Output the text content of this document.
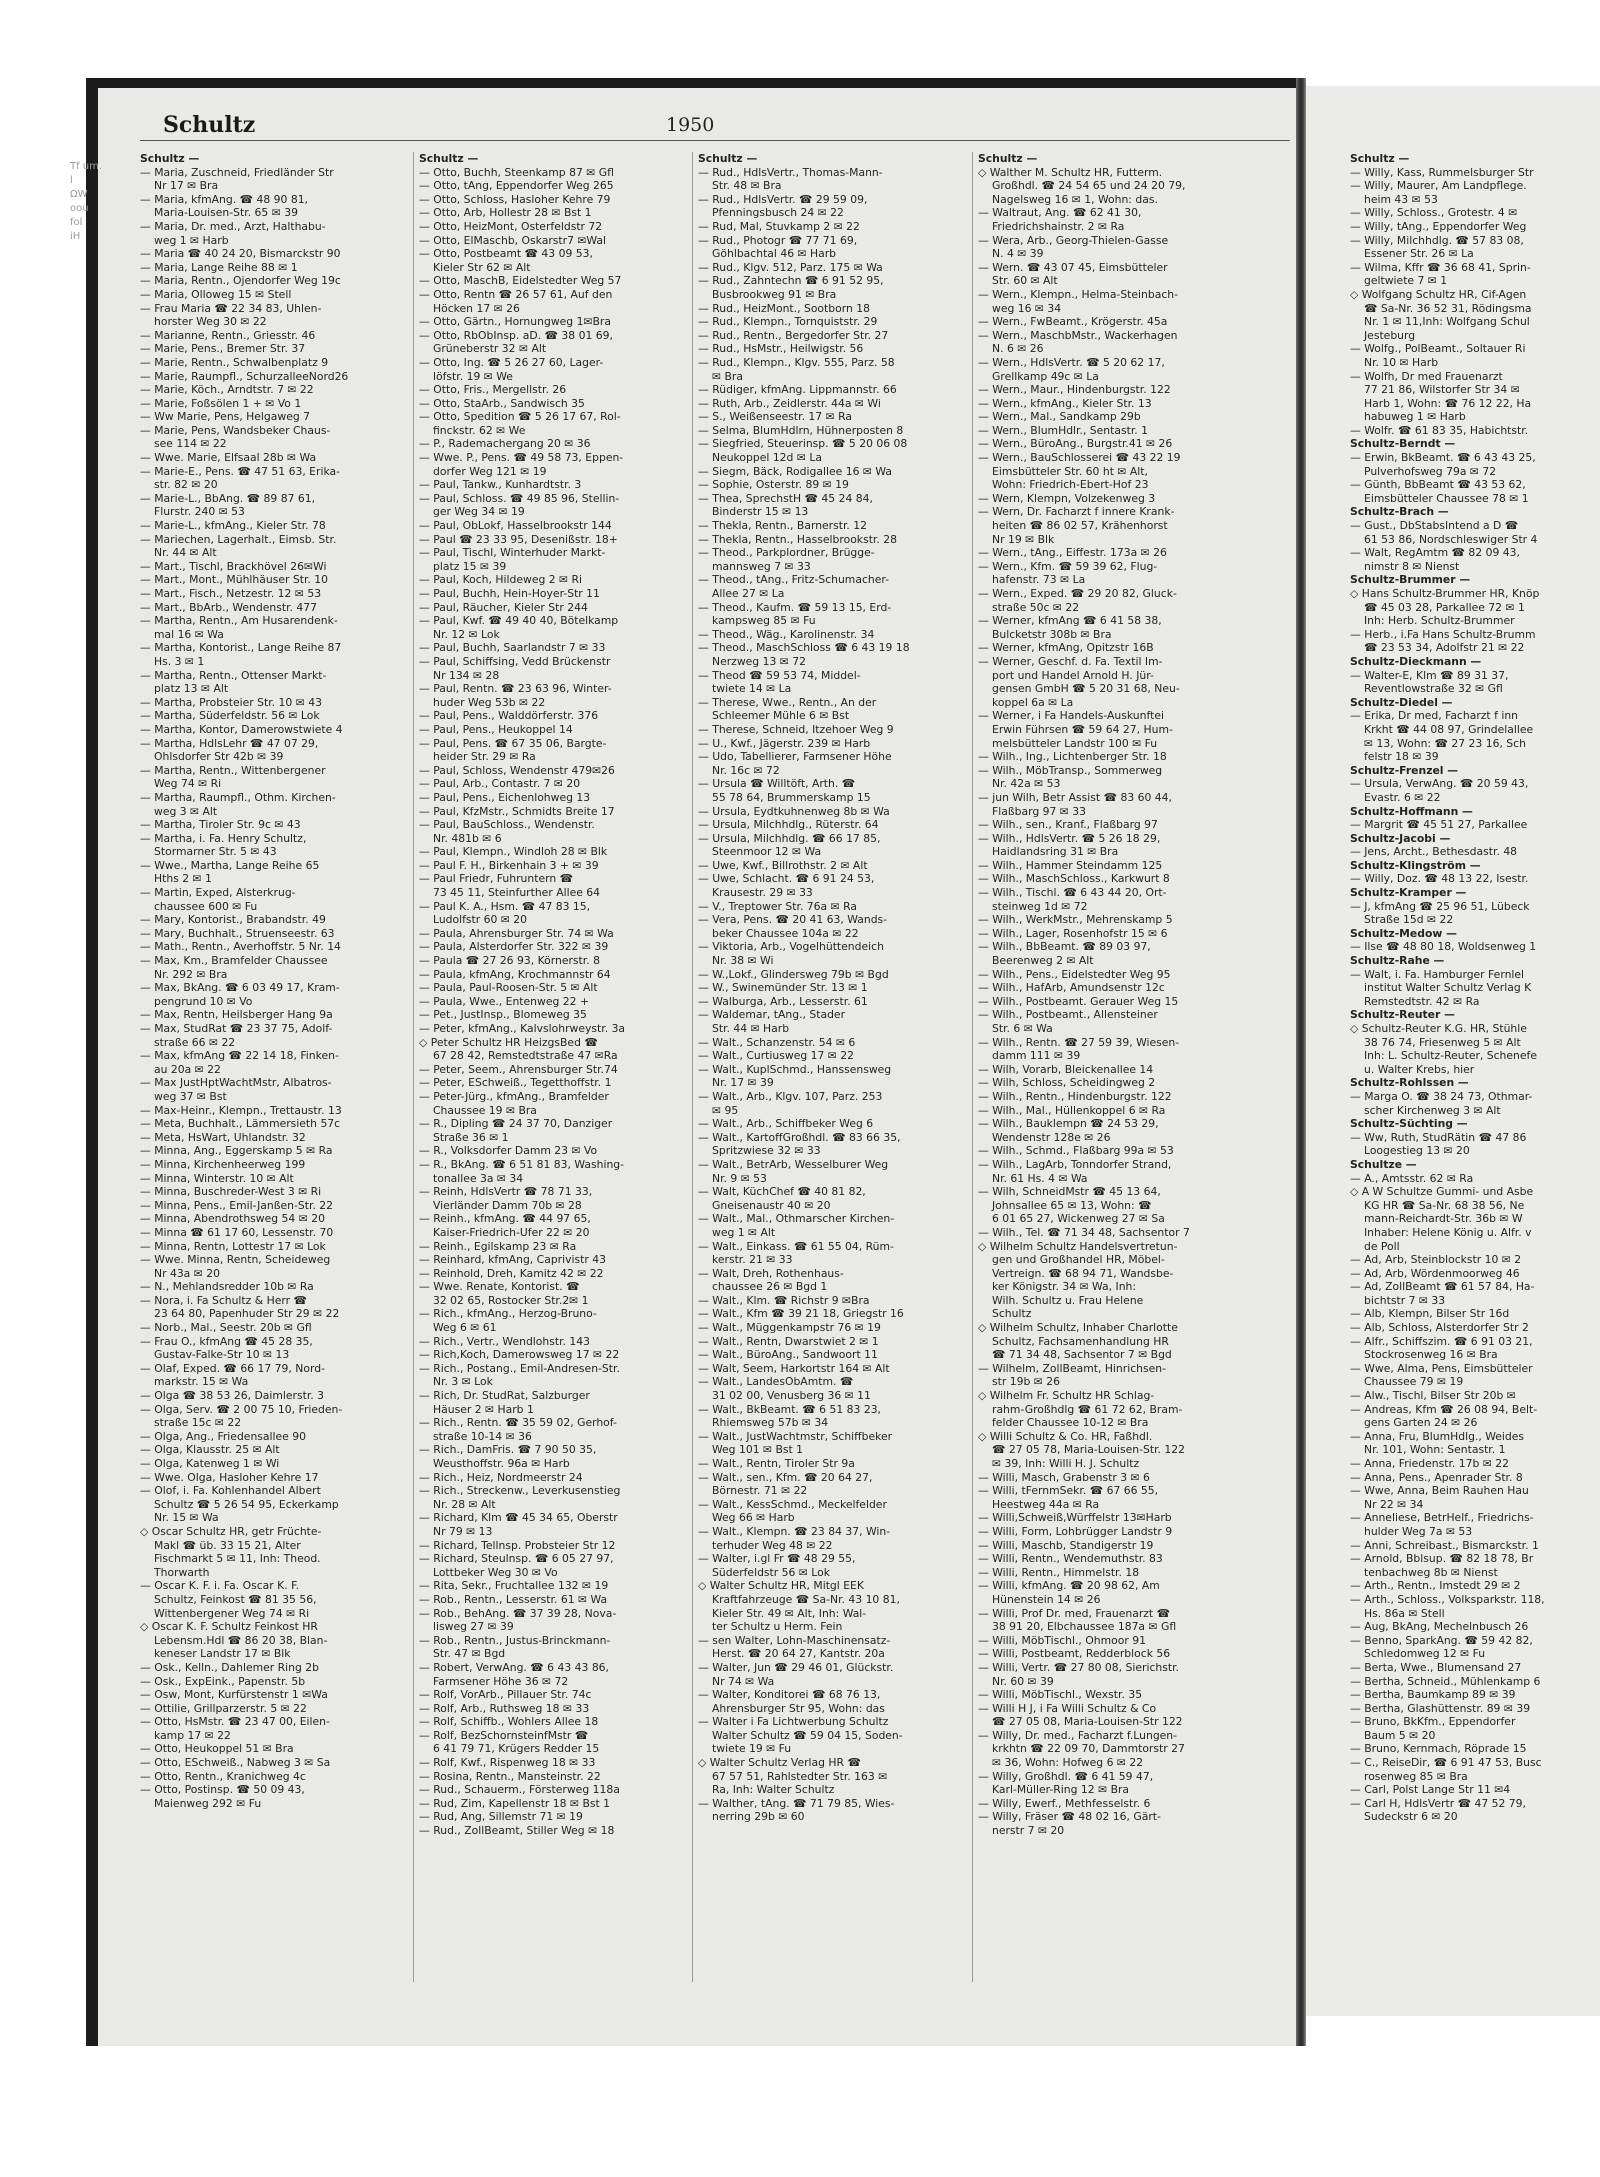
Tf um.
l
ΩW
oou
fol
iH
Schultz	1950
Schultz —
— Maria, Zuschneid, Friedländer Str
Nr 17 ✉ Bra
— Maria, kfmAng. ☎ 48 90 81,
Maria-Louisen-Str. 65 ✉ 39
— Maria, Dr. med., Arzt, Halthabu-
weg 1 ✉ Harb
— Maria ☎ 40 24 20, Bismarckstr 90
— Maria, Lange Reihe 88 ✉ 1
— Maria, Rentn., Ojendorfer Weg 19c
— Maria, Olloweg 15 ✉ Stell
— Frau Maria ☎ 22 34 83, Uhlen-
horster Weg 30 ✉ 22
— Marianne, Rentn., Griesstr. 46
— Marie, Pens., Bremer Str. 37
— Marie, Rentn., Schwalbenplatz 9
— Marie, Raumpfl., SchurzalleeNord26
— Marie, Köch., Arndtstr. 7 ✉ 22
— Marie, Foßsölen 1 + ✉ Vo 1
— Ww Marie, Pens, Helgaweg 7
— Marie, Pens, Wandsbeker Chaus-
see 114 ✉ 22
— Wwe. Marie, Elfsaal 28b ✉ Wa
— Marie-E., Pens. ☎ 47 51 63, Erika-
str. 82 ✉ 20
— Marie-L., BbAng. ☎ 89 87 61,
Flurstr. 240 ✉ 53
— Marie-L., kfmAng., Kieler Str. 78
— Mariechen, Lagerhalt., Eimsb. Str.
Nr. 44 ✉ Alt
— Mart., Tischl, Brackhövel 26✉Wi
— Mart., Mont., Mühlhäuser Str. 10
— Mart., Fisch., Netzestr. 12 ✉ 53
— Mart., BbArb., Wendenstr. 477
— Martha, Rentn., Am Husarendenk-
mal 16 ✉ Wa
— Martha, Kontorist., Lange Reihe 87
Hs. 3 ✉ 1
— Martha, Rentn., Ottenser Markt-
platz 13 ✉ Alt
— Martha, Probsteier Str. 10 ✉ 43
— Martha, Süderfeldstr. 56 ✉ Lok
— Martha, Kontor, Damerowstwiete 4
— Martha, HdlsLehr ☎ 47 07 29,
Ohlsdorfer Str 42b ✉ 39
— Martha, Rentn., Wittenbergener
Weg 74 ✉ Ri
— Martha, Raumpfl., Othm. Kirchen-
weg 3 ✉ Alt
— Martha, Tiroler Str. 9c ✉ 43
— Martha, i. Fa. Henry Schultz,
Stormarner Str. 5 ✉ 43
— Wwe., Martha, Lange Reihe 65
Hths 2 ✉ 1
— Martin, Exped, Alsterkrug-
chaussee 600 ✉ Fu
— Mary, Kontorist., Brabandstr. 49
— Mary, Buchhalt., Struenseestr. 63
— Math., Rentn., Averhoffstr. 5 Nr. 14
— Max, Km., Bramfelder Chaussee
Nr. 292 ✉ Bra
— Max, BkAng. ☎ 6 03 49 17, Kram-
pengrund 10 ✉ Vo
— Max, Rentn, Heilsberger Hang 9a
— Max, StudRat ☎ 23 37 75, Adolf-
straße 66 ✉ 22
— Max, kfmAng ☎ 22 14 18, Finken-
au 20a ✉ 22
— Max JustHptWachtMstr, Albatros-
weg 37 ✉ Bst
— Max-Heinr., Klempn., Trettaustr. 13
— Meta, Buchhalt., Lämmersieth 57c
— Meta, HsWart, Uhlandstr. 32
— Minna, Ang., Eggerskamp 5 ✉ Ra
— Minna, Kirchenheerweg 199
— Minna, Winterstr. 10 ✉ Alt
— Minna, Buschreder-West 3 ✉ Ri
— Minna, Pens., Emil-Janßen-Str. 22
— Minna, Abendrothsweg 54 ✉ 20
— Minna ☎ 61 17 60, Lessenstr. 70
— Minna, Rentn, Lottestr 17 ✉ Lok
— Wwe. Minna, Rentn, Scheideweg
Nr 43a ✉ 20
— N., Mehlandsredder 10b ✉ Ra
— Nora, i. Fa Schultz & Herr ☎
23 64 80, Papenhuder Str 29 ✉ 22
— Norb., Mal., Seestr. 20b ✉ Gfl
— Frau O., kfmAng ☎ 45 28 35,
Gustav-Falke-Str 10 ✉ 13
— Olaf, Exped. ☎ 66 17 79, Nord-
markstr. 15 ✉ Wa
— Olga ☎ 38 53 26, Daimlerstr. 3
— Olga, Serv. ☎ 2 00 75 10, Frieden-
straße 15c ✉ 22
— Olga, Ang., Friedensallee 90
— Olga, Klausstr. 25 ✉ Alt
— Olga, Katenweg 1 ✉ Wi
— Wwe. Olga, Hasloher Kehre 17
— Olof, i. Fa. Kohlenhandel Albert
Schultz ☎ 5 26 54 95, Eckerkamp
Nr. 15 ✉ Wa
◇ Oscar Schultz HR, getr Früchte-
Makl ☎ üb. 33 15 21, Alter
Fischmarkt 5 ✉ 11, Inh: Theod.
Thorwarth
— Oscar K. F. i. Fa. Oscar K. F.
Schultz, Feinkost ☎ 81 35 56,
Wittenbergener Weg 74 ✉ Ri
◇ Oscar K. F. Schultz Feinkost HR
Lebensm.Hdl ☎ 86 20 38, Blan-
keneser Landstr 17 ✉ Blk
— Osk., Kelln., Dahlemer Ring 2b
— Osk., ExpEink., Papenstr. 5b
— Osw, Mont, Kurfürstenstr 1 ✉Wa
— Ottilie, Grillparzerstr. 5 ✉ 22
— Otto, HsMstr. ☎ 23 47 00, Eilen-
kamp 17 ✉ 22
— Otto, Heukoppel 51 ✉ Bra
— Otto, ESchweiß., Nabweg 3 ✉ Sa
— Otto, Rentn., Kranichweg 4c
— Otto, Postinsp. ☎ 50 09 43,
Maienweg 292 ✉ Fu
Schultz —
— Otto, Buchh, Steenkamp 87 ✉ Gfl
— Otto, tAng, Eppendorfer Weg 265
— Otto, Schloss, Hasloher Kehre 79
— Otto, Arb, Hollestr 28 ✉ Bst 1
— Otto, HeizMont, Osterfeldstr 72
— Otto, ElMaschb, Oskarstr7 ✉Wal
— Otto, Postbeamt ☎ 43 09 53,
Kieler Str 62 ✉ Alt
— Otto, MaschB, Eidelstedter Weg 57
— Otto, Rentn ☎ 26 57 61, Auf den
Höcken 17 ✉ 26
— Otto, Gärtn., Hornungweg 1✉Bra
— Otto, RbObInsp. aD. ☎ 38 01 69,
Grüneberstr 32 ✉ Alt
— Otto, Ing. ☎ 5 26 27 60, Lager-
löfstr. 19 ✉ We
— Otto, Fris., Mergellstr. 26
— Otto, StaArb., Sandwisch 35
— Otto, Spedition ☎ 5 26 17 67, Rol-
finckstr. 62 ✉ We
— P., Rademachergang 20 ✉ 36
— Wwe. P., Pens. ☎ 49 58 73, Eppen-
dorfer Weg 121 ✉ 19
— Paul, Tankw., Kunhardtstr. 3
— Paul, Schloss. ☎ 49 85 96, Stellin-
ger Weg 34 ✉ 19
— Paul, ObLokf, Hasselbrookstr 144
— Paul ☎ 23 33 95, Desenißstr. 18+
— Paul, Tischl, Winterhuder Markt-
platz 15 ✉ 39
— Paul, Koch, Hildeweg 2 ✉ Ri
— Paul, Buchh, Hein-Hoyer-Str 11
— Paul, Räucher, Kieler Str 244
— Paul, Kwf. ☎ 49 40 40, Bötelkamp
Nr. 12 ✉ Lok
— Paul, Buchh, Saarlandstr 7 ✉ 33
— Paul, Schiffsing, Vedd Brückenstr
Nr 134 ✉ 28
— Paul, Rentn. ☎ 23 63 96, Winter-
huder Weg 53b ✉ 22
— Paul, Pens., Walddörferstr. 376
— Paul, Pens., Heukoppel 14
— Paul, Pens. ☎ 67 35 06, Bargte-
heider Str. 29 ✉ Ra
— Paul, Schloss, Wendenstr 479✉26
— Paul, Arb., Contastr. 7 ✉ 20
— Paul, Pens., Eichenlohweg 13
— Paul, KfzMstr., Schmidts Breite 17
— Paul, BauSchloss., Wendenstr.
Nr. 481b ✉ 6
— Paul, Klempn., Windloh 28 ✉ Blk
— Paul F. H., Birkenhain 3 + ✉ 39
— Paul Friedr, Fuhruntern ☎
73 45 11, Steinfurther Allee 64
— Paul K. A., Hsm. ☎ 47 83 15,
Ludolfstr 60 ✉ 20
— Paula, Ahrensburger Str. 74 ✉ Wa
— Paula, Alsterdorfer Str. 322 ✉ 39
— Paula ☎ 27 26 93, Körnerstr. 8
— Paula, kfmAng, Krochmannstr 64
— Paula, Paul-Roosen-Str. 5 ✉ Alt
— Paula, Wwe., Entenweg 22 +
— Pet., JustInsp., Blomeweg 35
— Peter, kfmAng., Kalvslohrweystr. 3a
◇ Peter Schultz HR HeizgsBed ☎
67 28 42, Remstedtstraße 47 ✉Ra
— Peter, Seem., Ahrensburger Str.74
— Peter, ESchweiß., Tegetthoffstr. 1
— Peter-Jürg., kfmAng., Bramfelder
Chaussee 19 ✉ Bra
— R., Dipling ☎ 24 37 70, Danziger
Straße 36 ✉ 1
— R., Volksdorfer Damm 23 ✉ Vo
— R., BkAng. ☎ 6 51 81 83, Washing-
tonallee 3a ✉ 34
— Reinh, HdlsVertr ☎ 78 71 33,
Vierländer Damm 70b ✉ 28
— Reinh., kfmAng. ☎ 44 97 65,
Kaiser-Friedrich-Ufer 22 ✉ 20
— Reinh., Egilskamp 23 ✉ Ra
— Reinhard, kfmAng, Caprivistr 43
— Reinhold, Dreh, Kamitz 42 ✉ 22
— Wwe. Renate, Kontorist. ☎
32 02 65, Rostocker Str.2✉ 1
— Rich., kfmAng., Herzog-Bruno-
Weg 6 ✉ 61
— Rich., Vertr., Wendlohstr. 143
— Rich,Koch, Damerowsweg 17 ✉ 22
— Rich., Postang., Emil-Andresen-Str.
Nr. 3 ✉ Lok
— Rich, Dr. StudRat, Salzburger
Häuser 2 ✉ Harb 1
— Rich., Rentn. ☎ 35 59 02, Gerhof-
straße 10-14 ✉ 36
— Rich., DamFris. ☎ 7 90 50 35,
Weusthoffstr. 96a ✉ Harb
— Rich., Heiz, Nordmeerstr 24
— Rich., Streckenw., Leverkusenstieg
Nr. 28 ✉ Alt
— Richard, Klm ☎ 45 34 65, Oberstr
Nr 79 ✉ 13
— Richard, Tellnsp. Probsteier Str 12
— Richard, Steulnsp. ☎ 6 05 27 97,
Lottbeker Weg 30 ✉ Vo
— Rita, Sekr., Fruchtallee 132 ✉ 19
— Rob., Rentn., Lesserstr. 61 ✉ Wa
— Rob., BehAng. ☎ 37 39 28, Nova-
lisweg 27 ✉ 39
— Rob., Rentn., Justus-Brinckmann-
Str. 47 ✉ Bgd
— Robert, VerwAng. ☎ 6 43 43 86,
Farmsener Höhe 36 ✉ 72
— Rolf, VorArb., Pillauer Str. 74c
— Rolf, Arb., Ruthsweg 18 ✉ 33
— Rolf, Schiffb., Wohlers Allee 18
— Rolf, BezSchornsteinfMstr ☎
6 41 79 71, Krügers Redder 15
— Rolf, Kwf., Rispenweg 18 ✉ 33
— Rosina, Rentn., Mansteinstr. 22
— Rud., Schauerm., Försterweg 118a
— Rud, Zim, Kapellenstr 18 ✉ Bst 1
— Rud, Ang, Sillemstr 71 ✉ 19
— Rud., ZollBeamt, Stiller Weg ✉ 18
Schultz —
— Rud., HdlsVertr., Thomas-Mann-
Str. 48 ✉ Bra
— Rud., HdlsVertr. ☎ 29 59 09,
Pfenningsbusch 24 ✉ 22
— Rud, Mal, Stuvkamp 2 ✉ 22
— Rud., Photogr ☎ 77 71 69,
Göhlbachtal 46 ✉ Harb
— Rud., Klgv. 512, Parz. 175 ✉ Wa
— Rud., Zahntechn ☎ 6 91 52 95,
Busbrookweg 91 ✉ Bra
— Rud., HeizMont., Sootborn 18
— Rud., Klempn., Tornquiststr. 29
— Rud., Rentn., Bergedorfer Str. 27
— Rud., HsMstr., Heilwigstr. 56
— Rud., Klempn., Klgv. 555, Parz. 58
✉ Bra
— Rüdiger, kfmAng. Lippmannstr. 66
— Ruth, Arb., Zeidlerstr. 44a ✉ Wi
— S., Weißenseestr. 17 ✉ Ra
— Selma, BlumHdlrn, Hühnerposten 8
— Siegfried, Steuerinsp. ☎ 5 20 06 08
Neukoppel 12d ✉ La
— Siegm, Bäck, Rodigallee 16 ✉ Wa
— Sophie, Osterstr. 89 ✉ 19
— Thea, SprechstH ☎ 45 24 84,
Binderstr 15 ✉ 13
— Thekla, Rentn., Barnerstr. 12
— Thekla, Rentn., Hasselbrookstr. 28
— Theod., Parkplordner, Brügge-
mannsweg 7 ✉ 33
— Theod., tAng., Fritz-Schumacher-
Allee 27 ✉ La
— Theod., Kaufm. ☎ 59 13 15, Erd-
kampsweg 85 ✉ Fu
— Theod., Wäg., Karolinenstr. 34
— Theod., MaschSchloss ☎ 6 43 19 18
Nerzweg 13 ✉ 72
— Theod ☎ 59 53 74, Middel-
twiete 14 ✉ La
— Therese, Wwe., Rentn., An der
Schleemer Mühle 6 ✉ Bst
— Therese, Schneid, Itzehoer Weg 9
— U., Kwf., Jägerstr. 239 ✉ Harb
— Udo, Tabellierer, Farmsener Höhe
Nr. 16c ✉ 72
— Ursula ☎ Willtöft, Arth. ☎
55 78 64, Brummerskamp 15
— Ursula, Eydtkuhnenweg 8b ✉ Wa
— Ursula, Milchhdlg., Rüterstr. 64
— Ursula, Milchhdlg. ☎ 66 17 85,
Steenmoor 12 ✉ Wa
— Uwe, Kwf., Billrothstr. 2 ✉ Alt
— Uwe, Schlacht. ☎ 6 91 24 53,
Krausestr. 29 ✉ 33
— V., Treptower Str. 76a ✉ Ra
— Vera, Pens. ☎ 20 41 63, Wands-
beker Chaussee 104a ✉ 22
— Viktoria, Arb., Vogelhüttendeich
Nr. 38 ✉ Wi
— W.,Lokf., Glindersweg 79b ✉ Bgd
— W., Swinemünder Str. 13 ✉ 1
— Walburga, Arb., Lesserstr. 61
— Waldemar, tAng., Stader
Str. 44 ✉ Harb
— Walt., Schanzenstr. 54 ✉ 6
— Walt., Curtiusweg 17 ✉ 22
— Walt., KuplSchmd., Hanssensweg
Nr. 17 ✉ 39
— Walt., Arb., Klgv. 107, Parz. 253
✉ 95
— Walt., Arb., Schiffbeker Weg 6
— Walt., KartoffGroßhdl. ☎ 83 66 35,
Spritzwiese 32 ✉ 33
— Walt., BetrArb, Wesselburer Weg
Nr. 9 ✉ 53
— Walt, KüchChef ☎ 40 81 82,
Gneisenaustr 40 ✉ 20
— Walt., Mal., Othmarscher Kirchen-
weg 1 ✉ Alt
— Walt., Einkass. ☎ 61 55 04, Rüm-
kerstr. 21 ✉ 33
— Walt, Dreh, Rothenhaus-
chaussee 26 ✉ Bgd 1
— Walt., Klm. ☎ Richstr 9 ✉Bra
— Walt., Kfm ☎ 39 21 18, Griegstr 16
— Walt., Müggenkampstr 76 ✉ 19
— Walt., Rentn, Dwarstwiet 2 ✉ 1
— Walt., BüroAng., Sandwoort 11
— Walt, Seem, Harkortstr 164 ✉ Alt
— Walt., LandesObAmtm. ☎
31 02 00, Venusberg 36 ✉ 11
— Walt., BkBeamt. ☎ 6 51 83 23,
Rhiemsweg 57b ✉ 34
— Walt., JustWachtmstr, Schiffbeker
Weg 101 ✉ Bst 1
— Walt., Rentn, Tiroler Str 9a
— Walt., sen., Kfm. ☎ 20 64 27,
Börnestr. 71 ✉ 22
— Walt., KessSchmd., Meckelfelder
Weg 66 ✉ Harb
— Walt., Klempn. ☎ 23 84 37, Win-
terhuder Weg 48 ✉ 22
— Walter, i.gl Fr ☎ 48 29 55,
Süderfeldstr 56 ✉ Lok
◇ Walter Schultz HR, Mitgl EEK
Kraftfahrzeuge ☎ Sa-Nr. 43 10 81,
Kieler Str. 49 ✉ Alt, Inh: Wal-
ter Schultz u Herm. Fein
— sen Walter, Lohn-Maschinensatz-
Herst. ☎ 20 64 27, Kantstr. 20a
— Walter, Jun ☎ 29 46 01, Glückstr.
Nr 74 ✉ Wa
— Walter, Konditorei ☎ 68 76 13,
Ahrensburger Str 95, Wohn: das
— Walter i Fa Lichtwerbung Schultz
Walter Schultz ☎ 59 04 15, Soden-
twiete 19 ✉ Fu
◇ Walter Schultz Verlag HR ☎
67 57 51, Rahlstedter Str. 163 ✉
Ra, Inh: Walter Schultz
— Walther, tAng. ☎ 71 79 85, Wies-
nerring 29b ✉ 60
Schultz —
◇ Walther M. Schultz HR, Futterm.
Großhdl. ☎ 24 54 65 und 24 20 79,
Nagelsweg 16 ✉ 1, Wohn: das.
— Waltraut, Ang. ☎ 62 41 30,
Friedrichshainstr. 2 ✉ Ra
— Wera, Arb., Georg-Thielen-Gasse
N. 4 ✉ 39
— Wern. ☎ 43 07 45, Eimsbütteler
Str. 60 ✉ Alt
— Wern., Klempn., Helma-Steinbach-
weg 16 ✉ 34
— Wern., FwBeamt., Krögerstr. 45a
— Wern., MaschbMstr., Wackerhagen
N. 6 ✉ 26
— Wern., HdlsVertr. ☎ 5 20 62 17,
Grellkamp 49c ✉ La
— Wern., Maur., Hindenburgstr. 122
— Wern., kfmAng., Kieler Str. 13
— Wern., Mal., Sandkamp 29b
— Wern., BlumHdlr., Sentastr. 1
— Wern., BüroAng., Burgstr.41 ✉ 26
— Wern., BauSchlosserei ☎ 43 22 19
Eimsbütteler Str. 60 ht ✉ Alt,
Wohn: Friedrich-Ebert-Hof 23
— Wern, Klempn, Volzekenweg 3
— Wern, Dr. Facharzt f innere Krank-
heiten ☎ 86 02 57, Krähenhorst
Nr 19 ✉ Blk
— Wern., tAng., Eiffestr. 173a ✉ 26
— Wern., Kfm. ☎ 59 39 62, Flug-
hafenstr. 73 ✉ La
— Wern., Exped. ☎ 29 20 82, Gluck-
straße 50c ✉ 22
— Werner, kfmAng ☎ 6 41 58 38,
Bulcketstr 308b ✉ Bra
— Werner, kfmAng, Opitzstr 16B
— Werner, Geschf. d. Fa. Textil Im-
port und Handel Arnold H. Jür-
gensen GmbH ☎ 5 20 31 68, Neu-
koppel 6a ✉ La
— Werner, i Fa Handels-Auskunftei
Erwin Führsen ☎ 59 64 27, Hum-
melsbütteler Landstr 100 ✉ Fu
— Wilh., Ing., Lichtenberger Str. 18
— Wilh., MöbTransp., Sommerweg
Nr. 42a ✉ 53
— jun Wilh, Betr Assist ☎ 83 60 44,
Flaßbarg 97 ✉ 33
— Wilh., sen., Kranf., Flaßbarg 97
— Wilh., HdlsVertr. ☎ 5 26 18 29,
Haidlandsring 31 ✉ Bra
— Wilh., Hammer Steindamm 125
— Wilh., MaschSchloss., Karkwurt 8
— Wilh., Tischl. ☎ 6 43 44 20, Ort-
steinweg 1d ✉ 72
— Wilh., WerkMstr., Mehrenskamp 5
— Wilh., Lager, Rosenhofstr 15 ✉ 6
— Wilh., BbBeamt. ☎ 89 03 97,
Beerenweg 2 ✉ Alt
— Wilh., Pens., Eidelstedter Weg 95
— Wilh., HafArb, Amundsenstr 12c
— Wilh., Postbeamt. Gerauer Weg 15
— Wilh., Postbeamt., Allensteiner
Str. 6 ✉ Wa
— Wilh., Rentn. ☎ 27 59 39, Wiesen-
damm 111 ✉ 39
— Wilh, Vorarb, Bleickenallee 14
— Wilh, Schloss, Scheidingweg 2
— Wilh., Rentn., Hindenburgstr. 122
— Wilh., Mal., Hüllenkoppel 6 ✉ Ra
— Wilh., Bauklempn ☎ 24 53 29,
Wendenstr 128e ✉ 26
— Wilh., Schmd., Flaßbarg 99a ✉ 53
— Wilh., LagArb, Tonndorfer Strand,
Nr. 61 Hs. 4 ✉ Wa
— Wilh, SchneidMstr ☎ 45 13 64,
Johnsallee 65 ✉ 13, Wohn: ☎
6 01 65 27, Wickenweg 27 ✉ Sa
— Wilh., Tel. ☎ 71 34 48, Sachsentor 7
◇ Wilhelm Schultz Handelsvertretun-
gen und Großhandel HR, Möbel-
Vertreign. ☎ 68 94 71, Wandsbe-
ker Königstr. 34 ✉ Wa, Inh:
Wilh. Schultz u. Frau Helene
Schultz
◇ Wilhelm Schultz, Inhaber Charlotte
Schultz, Fachsamenhandlung HR
☎ 71 34 48, Sachsentor 7 ✉ Bgd
— Wilhelm, ZollBeamt, Hinrichsen-
str 19b ✉ 26
◇ Wilhelm Fr. Schultz HR Schlag-
rahm-Großhdlg ☎ 61 72 62, Bram-
felder Chaussee 10-12 ✉ Bra
◇ Willi Schultz & Co. HR, Faßhdl.
☎ 27 05 78, Maria-Louisen-Str. 122
✉ 39, Inh: Willi H. J. Schultz
— Willi, Masch, Grabenstr 3 ✉ 6
— Willi, tFernmSekr. ☎ 67 66 55,
Heestweg 44a ✉ Ra
— Willi,Schweiß,Würffelstr 13✉Harb
— Willi, Form, Lohbrügger Landstr 9
— Willi, Maschb, Standigerstr 19
— Willi, Rentn., Wendemuthstr. 83
— Willi, Rentn., Himmelstr. 18
— Willi, kfmAng. ☎ 20 98 62, Am
Hünenstein 14 ✉ 26
— Willi, Prof Dr. med, Frauenarzt ☎
38 91 20, Elbchaussee 187a ✉ Gfl
— Willi, MöbTischl., Ohmoor 91
— Willi, Postbeamt, Redderblock 56
— Willi, Vertr. ☎ 27 80 08, Sierichstr.
Nr. 60 ✉ 39
— Willi, MöbTischl., Wexstr. 35
— Willi H J, i Fa Willi Schultz & Co
☎ 27 05 08, Maria-Louisen-Str 122
— Willy, Dr. med., Facharzt f.Lungen-
krkhtn ☎ 22 09 70, Dammtorstr 27
✉ 36, Wohn: Hofweg 6 ✉ 22
— Willy, Großhdl. ☎ 6 41 59 47,
Karl-Müller-Ring 12 ✉ Bra
— Willy, Ewerf., Methfesselstr. 6
— Willy, Fräser ☎ 48 02 16, Gärt-
nerstr 7 ✉ 20
Schultz —
— Willy, Kass, Rummelsburger Str
— Willy, Maurer, Am Landpflege.
heim 43 ✉ 53
— Willy, Schloss., Grotestr. 4 ✉
— Willy, tAng., Eppendorfer Weg
— Willy, Milchhdlg. ☎ 57 83 08,
Essener Str. 26 ✉ La
— Wilma, Kffr ☎ 36 68 41, Sprin-
geltwiete 7 ✉ 1
◇ Wolfgang Schultz HR, Cif-Agen
☎ Sa-Nr. 36 52 31, Rödingsma
Nr. 1 ✉ 11,Inh: Wolfgang Schul
Jesteburg
— Wolfg., PolBeamt., Soltauer Ri
Nr. 10 ✉ Harb
— Wolfh, Dr med Frauenarzt
77 21 86, Wilstorfer Str 34 ✉
Harb 1, Wohn: ☎ 76 12 22, Ha
habuweg 1 ✉ Harb
— Wolfr. ☎ 61 83 35, Habichtstr.
Schultz-Berndt —
— Erwin, BkBeamt. ☎ 6 43 43 25,
Pulverhofsweg 79a ✉ 72
— Günth, BbBeamt ☎ 43 53 62,
Eimsbütteler Chaussee 78 ✉ 1
Schultz-Brach —
— Gust., DbStabsIntend a D ☎
61 53 86, Nordschleswiger Str 4
— Walt, RegAmtm ☎ 82 09 43,
nimstr 8 ✉ Nienst
Schultz-Brummer —
◇ Hans Schultz-Brummer HR, Knöp
☎ 45 03 28, Parkallee 72 ✉ 1
Inh: Herb. Schultz-Brummer
— Herb., i.Fa Hans Schultz-Brumm
☎ 23 53 34, Adolfstr 21 ✉ 22
Schultz-Dieckmann —
— Walter-E, Klm ☎ 89 31 37,
Reventlowstraße 32 ✉ Gfl
Schultz-Diedel —
— Erika, Dr med, Facharzt f inn
Krkht ☎ 44 08 97, Grindelallee
✉ 13, Wohn: ☎ 27 23 16, Sch
felstr 18 ✉ 39
Schultz-Frenzel —
— Ursula, VerwAng. ☎ 20 59 43,
Evastr. 6 ✉ 22
Schultz-Hoffmann —
— Margrit ☎ 45 51 27, Parkallee
Schultz-Jacobi —
— Jens, Archt., Bethesdastr. 48
Schultz-Klingström —
— Willy, Doz. ☎ 48 13 22, Isestr.
Schultz-Kramper —
— J, kfmAng ☎ 25 96 51, Lübeck
Straße 15d ✉ 22
Schultz-Medow —
— Ilse ☎ 48 80 18, Woldsenweg 1
Schultz-Rahe —
— Walt, i. Fa. Hamburger Fernlel
institut Walter Schultz Verlag K
Remstedtstr. 42 ✉ Ra
Schultz-Reuter —
◇ Schultz-Reuter K.G. HR, Stühle
38 76 74, Friesenweg 5 ✉ Alt
Inh: L. Schultz-Reuter, Schenefe
u. Walter Krebs, hier
Schultz-Rohlssen —
— Marga O. ☎ 38 24 73, Othmar-
scher Kirchenweg 3 ✉ Alt
Schultz-Süchting —
— Ww, Ruth, StudRätin ☎ 47 86
Loogestieg 13 ✉ 20
Schultze —
— A., Amtsstr. 62 ✉ Ra
◇ A W Schultze Gummi- und Asbe
KG HR ☎ Sa-Nr. 68 38 56, Ne
mann-Reichardt-Str. 36b ✉ W
Inhaber: Helene König u. Alfr. v
de Poll
— Ad, Arb, Steinblockstr 10 ✉ 2
— Ad, Arb, Wördenmoorweg 46
— Ad, ZollBeamt ☎ 61 57 84, Ha-
bichtstr 7 ✉ 33
— Alb, Klempn, Bilser Str 16d
— Alb, Schloss, Alsterdorfer Str 2
— Alfr., Schiffszim. ☎ 6 91 03 21,
Stockrosenweg 16 ✉ Bra
— Wwe, Alma, Pens, Eimsbütteler
Chaussee 79 ✉ 19
— Alw., Tischl, Bilser Str 20b ✉
— Andreas, Kfm ☎ 26 08 94, Belt-
gens Garten 24 ✉ 26
— Anna, Fru, BlumHdlg., Weides
Nr. 101, Wohn: Sentastr. 1
— Anna, Friedenstr. 17b ✉ 22
— Anna, Pens., Apenrader Str. 8
— Wwe, Anna, Beim Rauhen Hau
Nr 22 ✉ 34
— Anneliese, BetrHelf., Friedrichs-
hulder Weg 7a ✉ 53
— Anni, Schreibast., Bismarckstr. 1
— Arnold, Bblsup. ☎ 82 18 78, Br
tenbachweg 8b ✉ Nienst
— Arth., Rentn., Imstedt 29 ✉ 2
— Arth., Schloss., Volksparkstr. 118,
Hs. 86a ✉ Stell
— Aug, BkAng, Mechelnbusch 26
— Benno, SparkAng. ☎ 59 42 82,
Schledomweg 12 ✉ Fu
— Berta, Wwe., Blumensand 27
— Bertha, Schneid., Mühlenkamp 6
— Bertha, Baumkamp 89 ✉ 39
— Bertha, Glashüttenstr. 89 ✉ 39
— Bruno, BkKfm., Eppendorfer
Baum 5 ✉ 20
— Bruno, Kernmach, Röprade 15
— C., ReiseDir, ☎ 6 91 47 53, Busc
rosenweg 85 ✉ Bra
— Carl, Polst Lange Str 11 ✉4
— Carl H, HdlsVertr ☎ 47 52 79,
Sudeckstr 6 ✉ 20
